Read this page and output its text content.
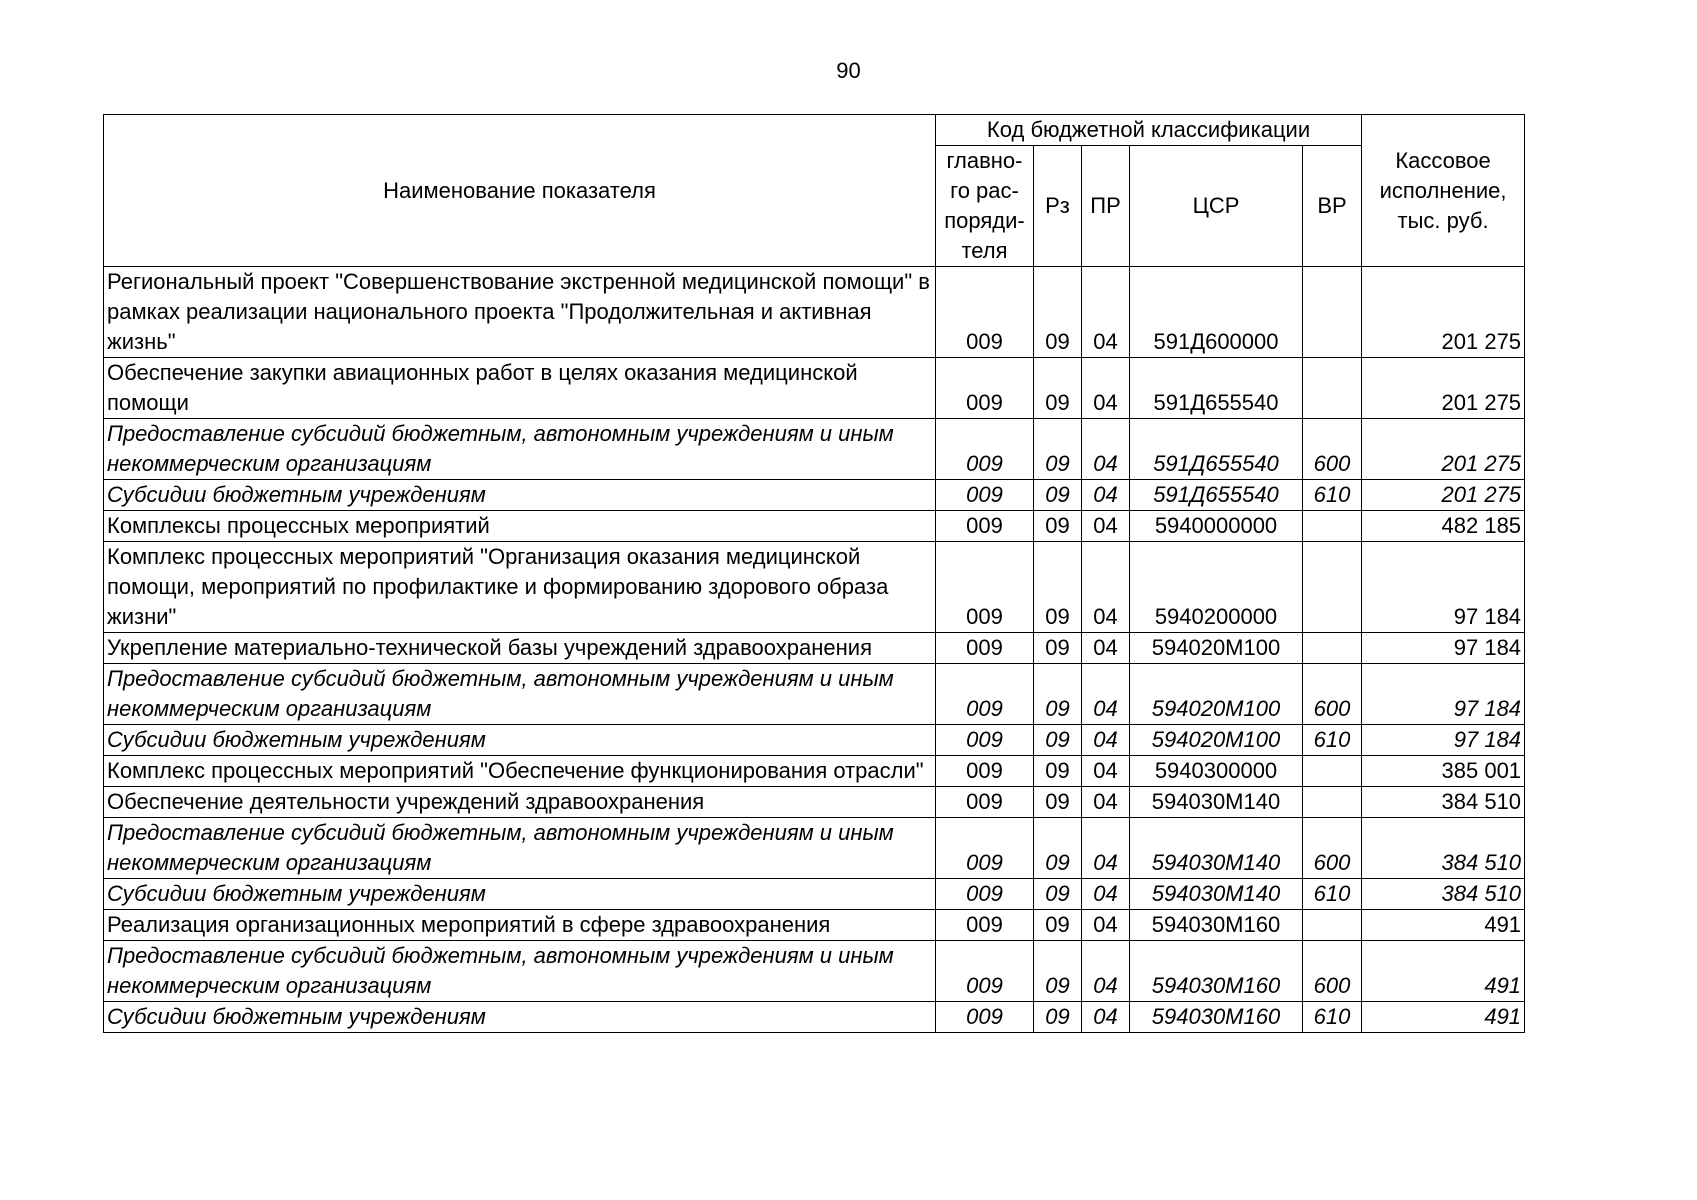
90
Наименование показателя	Код бюджетной классификации					Кассовое исполнение, тыс. руб.
	главно-го рас-поряди-теля	Рз	ПР	ЦСР	ВР	
Региональный проект "Совершенствование экстренной медицинской помощи" в рамках реализации национального проекта "Продолжительная и активная жизнь"	009	09	04	591Д600000		201 275
Обеспечение закупки авиационных работ в целях оказания медицинской помощи	009	09	04	591Д655540		201 275
Предоставление субсидий бюджетным, автономным учреждениям и иным некоммерческим организациям	009	09	04	591Д655540	600	201 275
Субсидии бюджетным учреждениям	009	09	04	591Д655540	610	201 275
Комплексы процессных мероприятий	009	09	04	5940000000		482 185
Комплекс процессных мероприятий "Организация оказания медицинской помощи, мероприятий по профилактике и формированию здорового образа жизни"	009	09	04	5940200000		97 184
Укрепление материально-технической базы учреждений здравоохранения	009	09	04	594020М100		97 184
Предоставление субсидий бюджетным, автономным учреждениям и иным некоммерческим организациям	009	09	04	594020М100	600	97 184
Субсидии бюджетным учреждениям	009	09	04	594020М100	610	97 184
Комплекс процессных мероприятий "Обеспечение функционирования отрасли"	009	09	04	5940300000		385 001
Обеспечение деятельности учреждений здравоохранения	009	09	04	594030М140		384 510
Предоставление субсидий бюджетным, автономным учреждениям и иным некоммерческим организациям	009	09	04	594030М140	600	384 510
Субсидии бюджетным учреждениям	009	09	04	594030М140	610	384 510
Реализация организационных мероприятий в сфере здравоохранения	009	09	04	594030М160		491
Предоставление субсидий бюджетным, автономным учреждениям и иным некоммерческим организациям	009	09	04	594030М160	600	491
Субсидии бюджетным учреждениям	009	09	04	594030М160	610	491
